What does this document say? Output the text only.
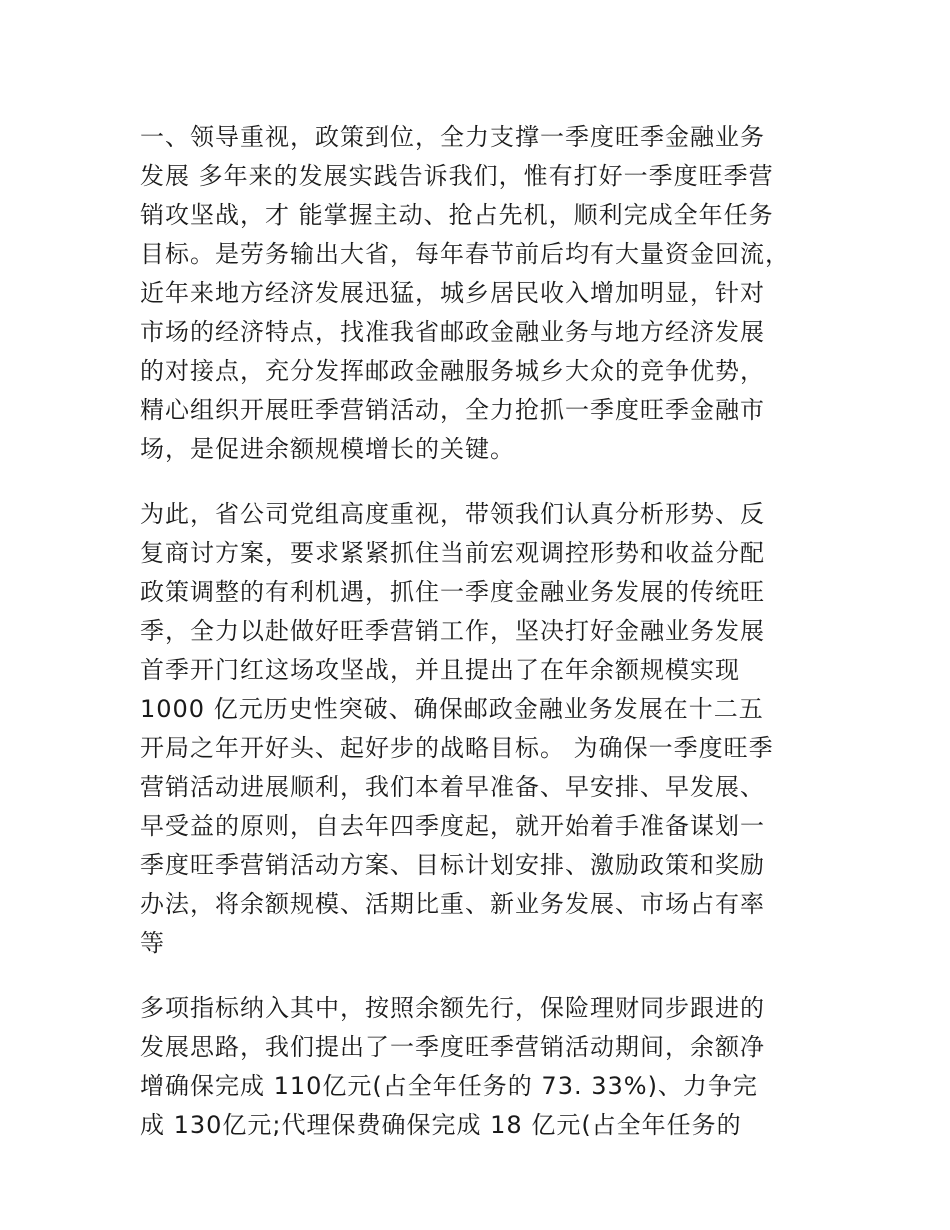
一、领导重视，政策到位，全力支撑一季度旺季金融业务
发展 多年来的发展实践告诉我们，惟有打好一季度旺季营
销攻坚战，才 能掌握主动、抢占先机，顺利完成全年任务
目标。是劳务输出大省，每年春节前后均有大量资金回流，
近年来地方经济发展迅猛，城乡居民收入增加明显，针对
市场的经济特点，找准我省邮政金融业务与地方经济发展
的对接点，充分发挥邮政金融服务城乡大众的竞争优势，
精心组织开展旺季营销活动，全力抢抓一季度旺季金融市
场，是促进余额规模增长的关键。

为此，省公司党组高度重视，带领我们认真分析形势、反
复商讨方案，要求紧紧抓住当前宏观调控形势和收益分配
政策调整的有利机遇，抓住一季度金融业务发展的传统旺
季，全力以赴做好旺季营销工作，坚决打好金融业务发展
首季开门红这场攻坚战，并且提出了在年余额规模实现
1000 亿元历史性突破、确保邮政金融业务发展在十二五
开局之年开好头、起好步的战略目标。 为确保一季度旺季
营销活动进展顺利，我们本着早准备、早安排、早发展、
早受益的原则，自去年四季度起，就开始着手准备谋划一
季度旺季营销活动方案、目标计划安排、激励政策和奖励
办法，将余额规模、活期比重、新业务发展、市场占有率
等

多项指标纳入其中，按照余额先行，保险理财同步跟进的
发展思路，我们提出了一季度旺季营销活动期间，余额净
增确保完成 110亿元(占全年任务的 73. 33%)、力争完
成 130亿元;代理保费确保完成 18 亿元(占全年任务的
